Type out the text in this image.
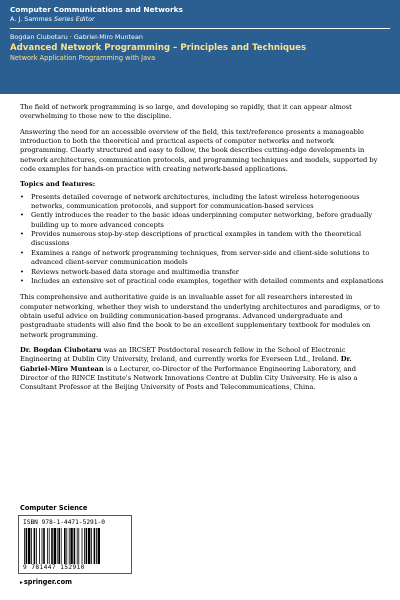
Computer Communications and Networks
A. J. Sammes Series Editor
Bogdan Ciubotaru · Gabriel-Miro Muntean
Advanced Network Programming – Principles and Techniques
Network Application Programming with Java

The field of network programming is so large, and developing so rapidly, that it can appear almost overwhelming to those new to the discipline.

Answering the need for an accessible overview of the field, this text/reference presents a manageable introduction to both the theoretical and practical aspects of computer networks and network programming. Clearly structured and easy to follow, the book describes cutting-edge developments in network architectures, communication protocols, and programming techniques and models, supported by code examples for hands-on practice with creating network-based applications.

Topics and features:
• Presents detailed coverage of network architectures, including the latest wireless heterogeneous networks, communication protocols, and support for communication-based services
• Gently introduces the reader to the basic ideas underpinning computer networking, before gradually building up to more advanced concepts
• Provides numerous step-by-step descriptions of practical examples in tandem with the theoretical discussions
• Examines a range of network programming techniques, from server-side and client-side solutions to advanced client-server communication models
• Reviews network-based data storage and multimedia transfer
• Includes an extensive set of practical code examples, together with detailed comments and explanations

This comprehensive and authoritative guide is an invaluable asset for all researchers interested in computer networking, whether they wish to understand the underlying architectures and paradigms, or to obtain useful advice on building communication-based programs. Advanced undergraduate and postgraduate students will also find the book to be an excellent supplementary textbook for modules on network programming.

Dr. Bogdan Ciubotaru was an IRCSET Postdoctoral research fellow in the School of Electronic Engineering at Dublin City University, Ireland, and currently works for Everseen Ltd., Ireland. Dr. Gabriel-Miro Muntean is a Lecturer, co-Director of the Performance Engineering Laboratory, and Director of the RINCE Institute's Network Innovations Centre at Dublin City University. He is also a Consultant Professor at the Beijing University of Posts and Telecommunications, China.

Computer Science
ISBN 978-1-4471-5291-0
9 781447 152910
▸springer.com
